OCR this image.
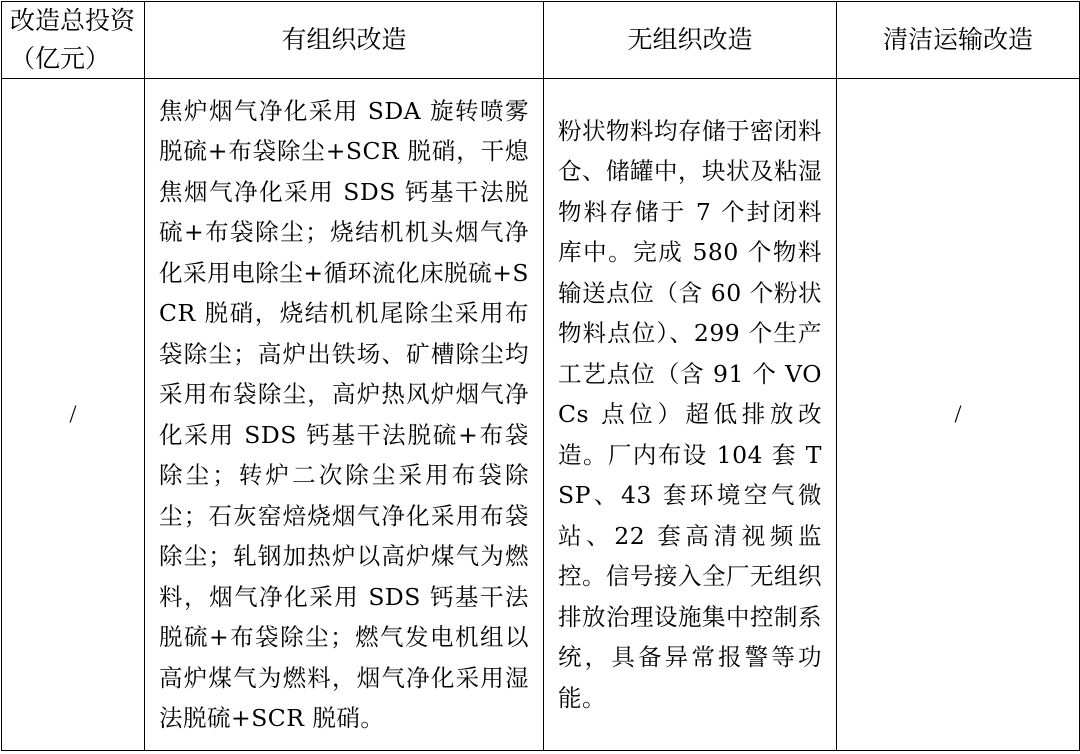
改造总投资（亿元）	有组织改造	无组织改造	清洁运输改造
/	焦炉烟气净化采用 SDA 旋转喷雾脱硫+布袋除尘+SCR 脱硝，干熄焦烟气净化采用 SDS 钙基干法脱硫+布袋除尘；烧结机机头烟气净化采用电除尘+循环流化床脱硫+SCR 脱硝，烧结机机尾除尘采用布袋除尘；高炉出铁场、矿槽除尘均采用布袋除尘，高炉热风炉烟气净化采用 SDS 钙基干法脱硫+布袋除尘；转炉二次除尘采用布袋除尘；石灰窑焙烧烟气净化采用布袋除尘；轧钢加热炉以高炉煤气为燃料，烟气净化采用 SDS 钙基干法脱硫+布袋除尘；燃气发电机组以高炉煤气为燃料，烟气净化采用湿法脱硫+SCR 脱硝。	粉状物料均存储于密闭料仓、储罐中，块状及粘湿物料存储于 7 个封闭料库中。完成 580 个物料输送点位（含 60 个粉状物料点位）、299 个生产工艺点位（含 91 个 VOCs 点位）超低排放改造。厂内布设 104 套 TSP、43 套环境空气微站、22 套高清视频监控。信号接入全厂无组织排放治理设施集中控制系统，具备异常报警等功能。	/
